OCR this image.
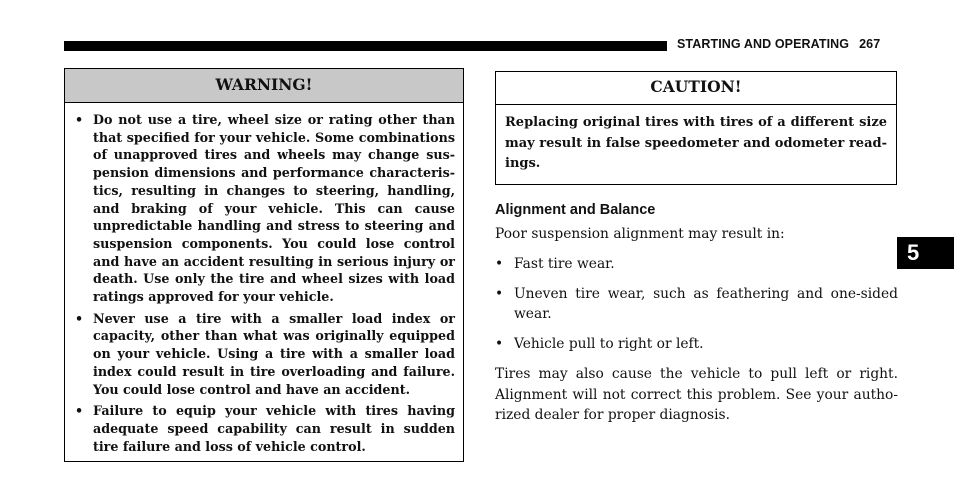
STARTING AND OPERATING 267
WARNING!
• Do not use a tire, wheel size or rating other than that specified for your vehicle. Some combinations of unapproved tires and wheels may change suspension dimensions and performance characteristics, resulting in changes to steering, handling, and braking of your vehicle. This can cause unpredictable handling and stress to steering and suspension components. You could lose control and have an accident resulting in serious injury or death. Use only the tire and wheel sizes with load ratings approved for your vehicle.
• Never use a tire with a smaller load index or capacity, other than what was originally equipped on your vehicle. Using a tire with a smaller load index could result in tire overloading and failure. You could lose control and have an accident.
• Failure to equip your vehicle with tires having adequate speed capability can result in sudden tire failure and loss of vehicle control.
CAUTION!
Replacing original tires with tires of a different size may result in false speedometer and odometer readings.
Alignment and Balance
Poor suspension alignment may result in:
• Fast tire wear.
• Uneven tire wear, such as feathering and one-sided wear.
• Vehicle pull to right or left.
Tires may also cause the vehicle to pull left or right. Alignment will not correct this problem. See your authorized dealer for proper diagnosis.
5
